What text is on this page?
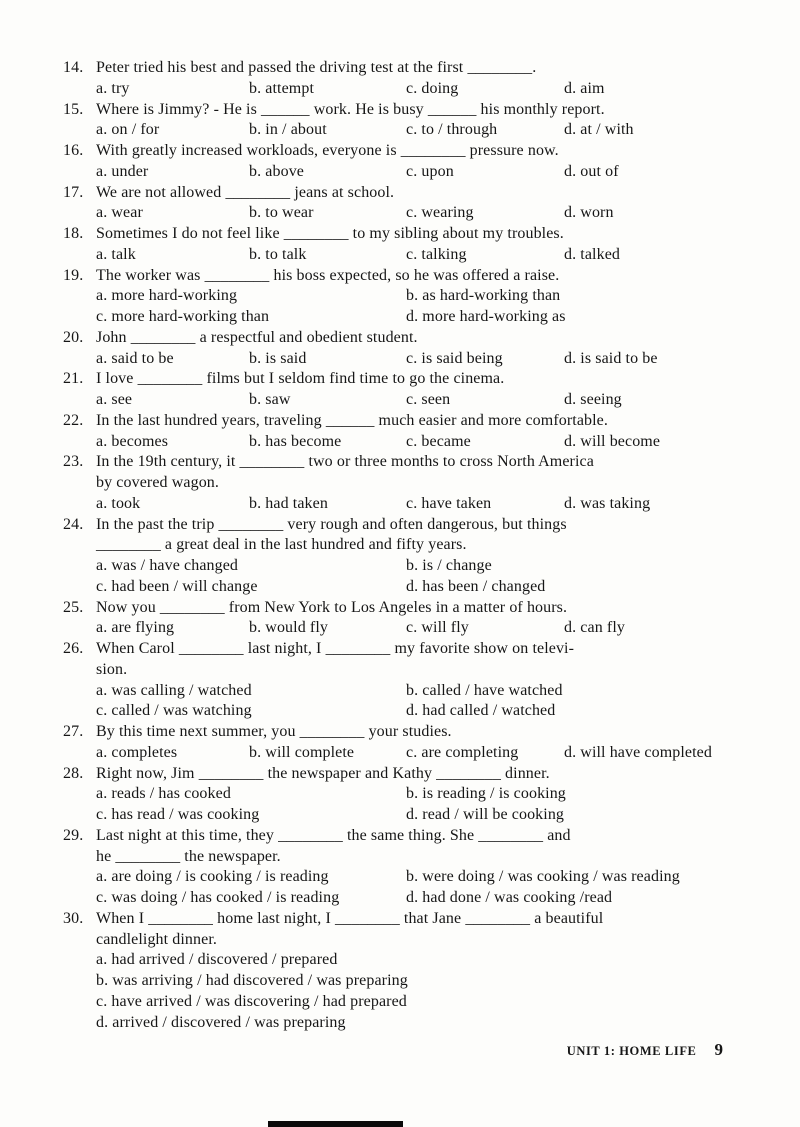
14. Peter tried his best and passed the driving test at the first ________.
a. try	b. attempt	c. doing	d. aim
15. Where is Jimmy? - He is ______ work. He is busy ______ his monthly report.
a. on / for	b. in / about	c. to / through	d. at / with
16. With greatly increased workloads, everyone is ________ pressure now.
a. under	b. above	c. upon	d. out of
17. We are not allowed ________ jeans at school.
a. wear	b. to wear	c. wearing	d. worn
18. Sometimes I do not feel like ________ to my sibling about my troubles.
a. talk	b. to talk	c. talking	d. talked
19. The worker was ________ his boss expected, so he was offered a raise.
a. more hard-working	b. as hard-working than
c. more hard-working than	d. more hard-working as
20. John ________ a respectful and obedient student.
a. said to be	b. is said	c. is said being	d. is said to be
21. I love ________ films but I seldom find time to go the cinema.
a. see	b. saw	c. seen	d. seeing
22. In the last hundred years, traveling ______ much easier and more comfortable.
a. becomes	b. has become	c. became	d. will become
23. In the 19th century, it ________ two or three months to cross North America
by covered wagon.
a. took	b. had taken	c. have taken	d. was taking
24. In the past the trip ________ very rough and often dangerous, but things
________ a great deal in the last hundred and fifty years.
a. was / have changed	b. is / change
c. had been / will change	d. has been / changed
25. Now you ________ from New York to Los Angeles in a matter of hours.
a. are flying	b. would fly	c. will fly	d. can fly
26. When Carol ________ last night, I ________ my favorite show on televi-
sion.
a. was calling / watched	b. called / have watched
c. called / was watching	d. had called / watched
27. By this time next summer, you ________ your studies.
a. completes	b. will complete	c. are completing	d. will have completed
28. Right now, Jim ________ the newspaper and Kathy ________ dinner.
a. reads / has cooked	b. is reading / is cooking
c. has read / was cooking	d. read / will be cooking
29. Last night at this time, they ________ the same thing. She ________ and
he ________ the newspaper.
a. are doing / is cooking / is reading	b. were doing / was cooking / was reading
c. was doing / has cooked / is reading	d. had done / was cooking /read
30. When I ________ home last night, I ________ that Jane ________ a beautiful
candlelight dinner.
a. had arrived / discovered / prepared
b. was arriving / had discovered / was preparing
c. have arrived / was discovering / had prepared
d. arrived / discovered / was preparing
UNIT 1: HOME LIFE 9
